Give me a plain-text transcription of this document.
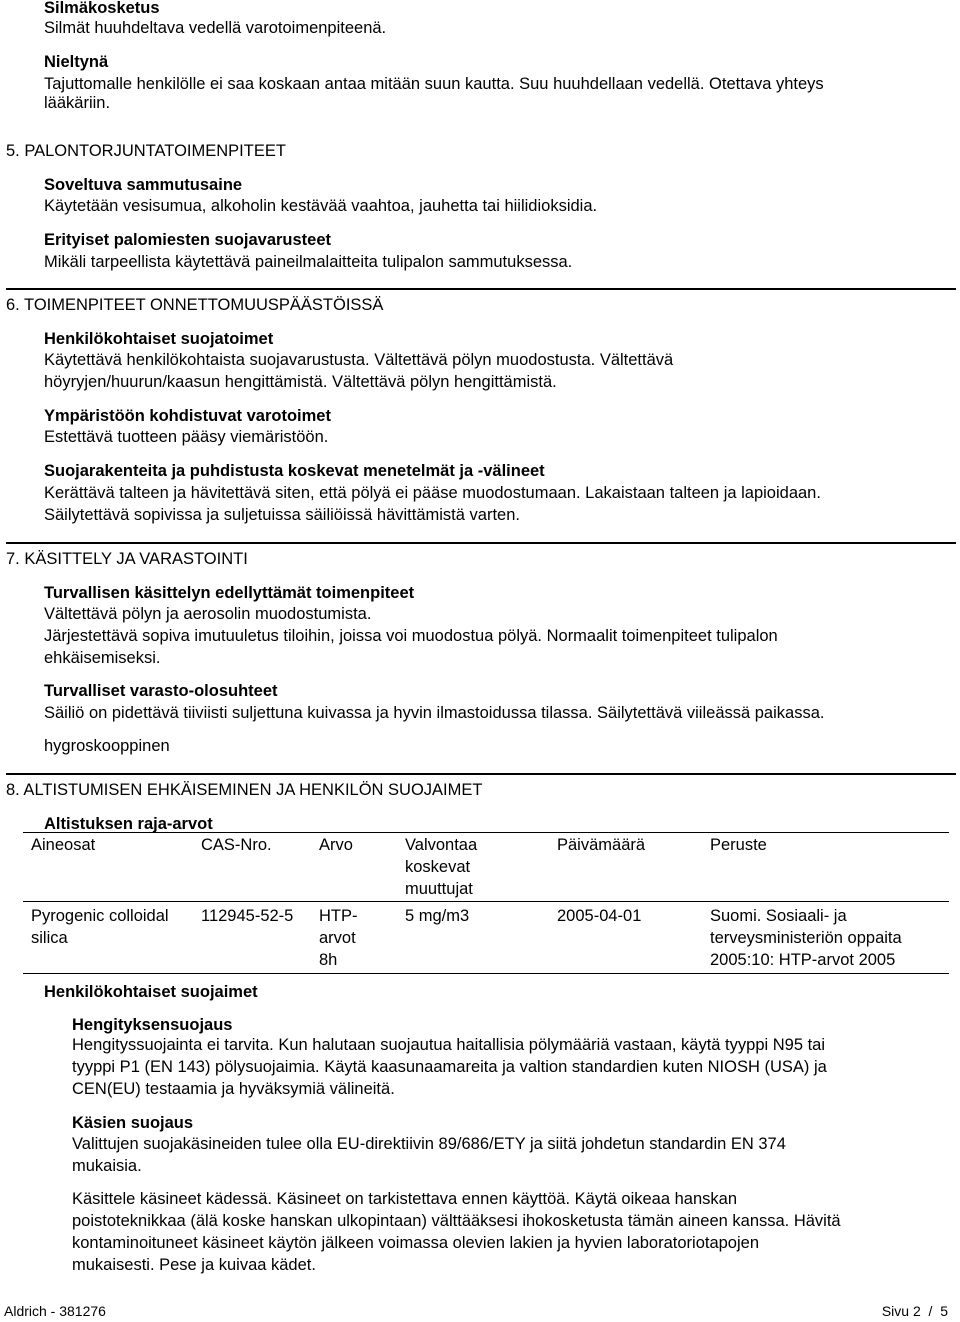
Silmäkosketus
Silmät huuhdeltava vedellä varotoimenpiteenä.
Nieltynä
Tajuttomalle henkilölle ei saa koskaan antaa mitään suun kautta. Suu huuhdellaan vedellä. Otettava yhteys
lääkäriin.
5. PALONTORJUNTATOIMENPITEET
Soveltuva sammutusaine
Käytetään vesisumua, alkoholin kestävää vaahtoa, jauhetta tai hiilidioksidia.
Erityiset palomiesten suojavarusteet
Mikäli tarpeellista käytettävä paineilmalaitteita tulipalon sammutuksessa.
6. TOIMENPITEET ONNETTOMUUSPÄÄSTÖISSÄ
Henkilökohtaiset suojatoimet
Käytettävä henkilökohtaista suojavarustusta. Vältettävä pölyn muodostusta. Vältettävä
höyryjen/huurun/kaasun hengittämistä. Vältettävä pölyn hengittämistä.
Ympäristöön kohdistuvat varotoimet
Estettävä tuotteen pääsy viemäristöön.
Suojarakenteita ja puhdistusta koskevat menetelmät ja -välineet
Kerättävä talteen ja hävitettävä siten, että pölyä ei pääse muodostumaan. Lakaistaan talteen ja lapioidaan.
Säilytettävä sopivissa ja suljetuissa säiliöissä hävittämistä varten.
7. KÄSITTELY JA VARASTOINTI
Turvallisen käsittelyn edellyttämät toimenpiteet
Vältettävä pölyn ja aerosolin muodostumista.
Järjestettävä sopiva imutuuletus tiloihin, joissa voi muodostua pölyä. Normaalit toimenpiteet tulipalon
ehkäisemiseksi.
Turvalliset varasto-olosuhteet
Säiliö on pidettävä tiiviisti suljettuna kuivassa ja hyvin ilmastoidussa tilassa. Säilytettävä viileässä paikassa.
hygroskooppinen
8. ALTISTUMISEN EHKÄISEMINEN JA HENKILÖN SUOJAIMET
Altistuksen raja-arvot
Aineosat	CAS-Nro.	Arvo	Valvontaa koskevat muuttujat	Päivämäärä	Peruste
Pyrogenic colloidal silica	112945-52-5	HTP-arvot 8h	5 mg/m3	2005-04-01	Suomi. Sosiaali- ja terveysministeriön oppaita 2005:10: HTP-arvot 2005
Henkilökohtaiset suojaimet
Hengityksensuojaus
Hengityssuojainta ei tarvita. Kun halutaan suojautua haitallisia pölymääriä vastaan, käytä tyyppi N95 tai
tyyppi P1 (EN 143) pölysuojaimia. Käytä kaasunaamareita ja valtion standardien kuten NIOSH (USA) ja
CEN(EU) testaamia ja hyväksymiä välineitä.
Käsien suojaus
Valittujen suojakäsineiden tulee olla EU-direktiivin 89/686/ETY ja siitä johdetun standardin EN 374
mukaisia.
Käsittele käsineet kädessä. Käsineet on tarkistettava ennen käyttöä. Käytä oikeaa hanskan
poistoteknikkaa (älä koske hanskan ulkopintaan) välttääksesi ihokosketusta tämän aineen kanssa. Hävitä
kontaminoituneet käsineet käytön jälkeen voimassa olevien lakien ja hyvien laboratoriotapojen
mukaisesti. Pese ja kuivaa kädet.
Aldrich - 381276	Sivu 2  /  5
